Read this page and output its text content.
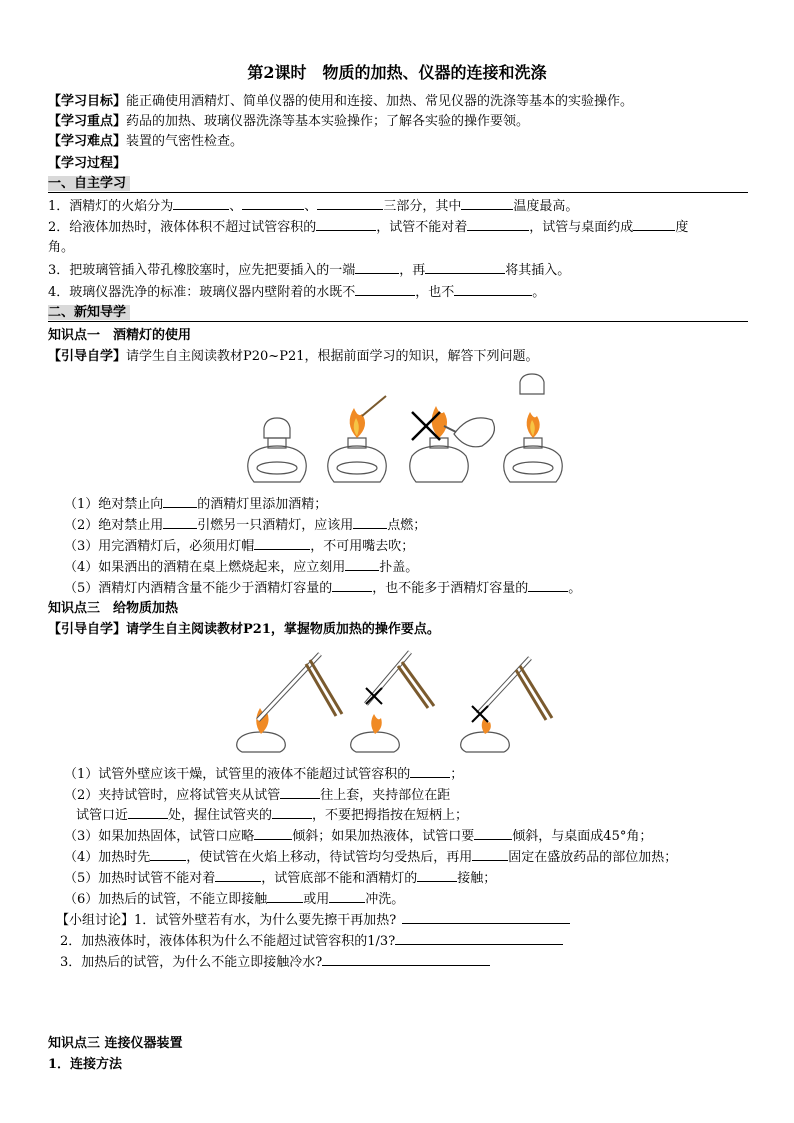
第2课时　物质的加热、仪器的连接和洗涤
【学习目标】能正确使用酒精灯、简单仪器的使用和连接、加热、常见仪器的洗涤等基本的实验操作。
【学习重点】药品的加热、玻璃仪器洗涤等基本实验操作；了解各实验的操作要领。
【学习难点】装置的气密性检查。
【学习过程】
一、自主学习
1．酒精灯的火焰分为	、	、	三部分，其中	温度最高。
2．给液体加热时，液体体积不超过试管容积的	，试管不能对着	，试管与桌面约成	度
角。
3．把玻璃管插入带孔橡胶塞时，应先把要插入的一端	，再	将其插入。
4．玻璃仪器洗净的标准：玻璃仪器内壁附着的水既不	，也不	。
二、新知导学
知识点一　酒精灯的使用
【引导自学】请学生自主阅读教材P20~P21，根据前面学习的知识，解答下列问题。
（1）绝对禁止向	的酒精灯里添加酒精；
（2）绝对禁止用	引燃另一只酒精灯，应该用	点燃；
（3）用完酒精灯后，必须用灯帽	，不可用嘴去吹；
（4）如果洒出的酒精在桌上燃烧起来，应立刻用	扑盖。
（5）酒精灯内酒精含量不能少于酒精灯容量的	，也不能多于酒精灯容量的	。
知识点三　给物质加热
【引导自学】请学生自主阅读教材P21，掌握物质加热的操作要点。
（1）试管外壁应该干燥，试管里的液体不能超过试管容积的	；
（2）夹持试管时，应将试管夹从试管	往上套，夹持部位在距
试管口近	处，握住试管夹的	，不要把拇指按在短柄上；
（3）如果加热固体，试管口应略	倾斜；如果加热液体，试管口要	倾斜，与桌面成45°角；
（4）加热时先	，使试管在火焰上移动，待试管均匀受热后，再用	固定在盛放药品的部位加热；
（5）加热时试管不能对着	，试管底部不能和酒精灯的	接触；
（6）加热后的试管，不能立即接触	或用	冲洗。
【小组讨论】1．试管外壁若有水，为什么要先擦干再加热?
2．加热液体时，液体体积为什么不能超过试管容积的1/3?
3．加热后的试管，为什么不能立即接触冷水?
知识点三 连接仪器装置
1．连接方法
